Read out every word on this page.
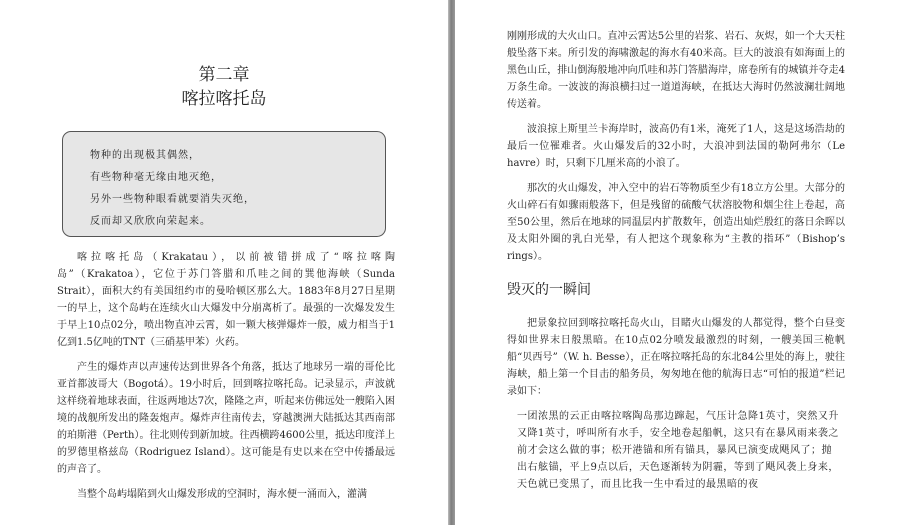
第二章
喀拉喀托岛

物种的出现极其偶然，

有些物种毫无缘由地灭绝，

另外一些物种眼看就要消失灭绝，

反而却又欣欣向荣起来。

喀拉喀托岛（Krakatau），以前被错拼成了“喀拉喀陶岛”（Krakatoa），它位于苏门答腊和爪哇之间的巽他海峡（Sunda Strait），面积大约有美国纽约市的曼哈顿区那么大。1883年8月27日星期一的早上，这个岛屿在连续火山大爆发中分崩离析了。最强的一次爆发发生于早上10点02分，喷出物直冲云霄，如一颗大核弹爆炸一般，威力相当于1亿到1.5亿吨的TNT（三硝基甲苯）火药。

产生的爆炸声以声速传达到世界各个角落，抵达了地球另一端的哥伦比亚首都波哥大（Bogotá）。19小时后，回到喀拉喀托岛。记录显示，声波就这样绕着地球表面，往返两地达7次，隆隆之声，听起来仿佛远处一艘陷入困境的战舰所发出的隆轰炮声。爆炸声往南传去，穿越澳洲大陆抵达其西南部的珀斯港（Perth）。往北则传到新加坡。往西横跨4600公里，抵达印度洋上的罗德里格兹岛（Rodriguez Island）。这可能是有史以来在空中传播最远的声音了。

当整个岛屿塌陷到火山爆发形成的空洞时，海水便一涌而入，灌满

刚刚形成的大火山口。直冲云霄达5公里的岩浆、岩石、灰烬，如一个大天柱般坠落下来。所引发的海啸激起的海水有40米高。巨大的波浪有如海面上的黑色山丘，排山倒海般地冲向爪哇和苏门答腊海岸，席卷所有的城镇并夺走4万条生命。一波波的海浪横扫过一道道海峡，在抵达大海时仍然波澜壮阔地传送着。

波浪掠上斯里兰卡海岸时，波高仍有1米，淹死了1人，这是这场浩劫的最后一位罹难者。火山爆发后的32小时，大浪冲到法国的勒阿弗尔（Le havre）时，只剩下几厘米高的小浪了。

那次的火山爆发，冲入空中的岩石等物质至少有18立方公里。大部分的火山碎石有如骤雨般落下，但是残留的硫酸气状溶胶物和烟尘往上卷起，高至50公里，然后在地球的同温层内扩散数年，创造出灿烂殷红的落日余晖以及太阳外圈的乳白光晕，有人把这个现象称为“主教的指环”（Bishop’s rings）。

毁灭的一瞬间

把景象拉回到喀拉喀托岛火山，目睹火山爆发的人都觉得，整个白昼变得如世界末日般黑暗。在10点02分喷发最激烈的时刻，一艘美国三桅帆船“贝西号”（W. h. Besse），正在喀拉喀托岛的东北84公里处的海上，驶往海峡，船上第一个目击的船务员，匆匆地在他的航海日志“可怕的报道”栏记录如下：

一团浓黑的云正由喀拉喀陶岛那边蹿起，气压计急降1英寸，突然又升又降1英寸，呼叫所有水手，安全地卷起船帆，这只有在暴风雨来袭之前才会这么做的事；松开港锚和所有锚具，暴风已演变成飓风了；抛出右舷锚，平上9点以后，天色逐渐转为阴霾，等到了飓风袭上身来，天色就已变黑了，而且比我一生中看过的最黑暗的夜
